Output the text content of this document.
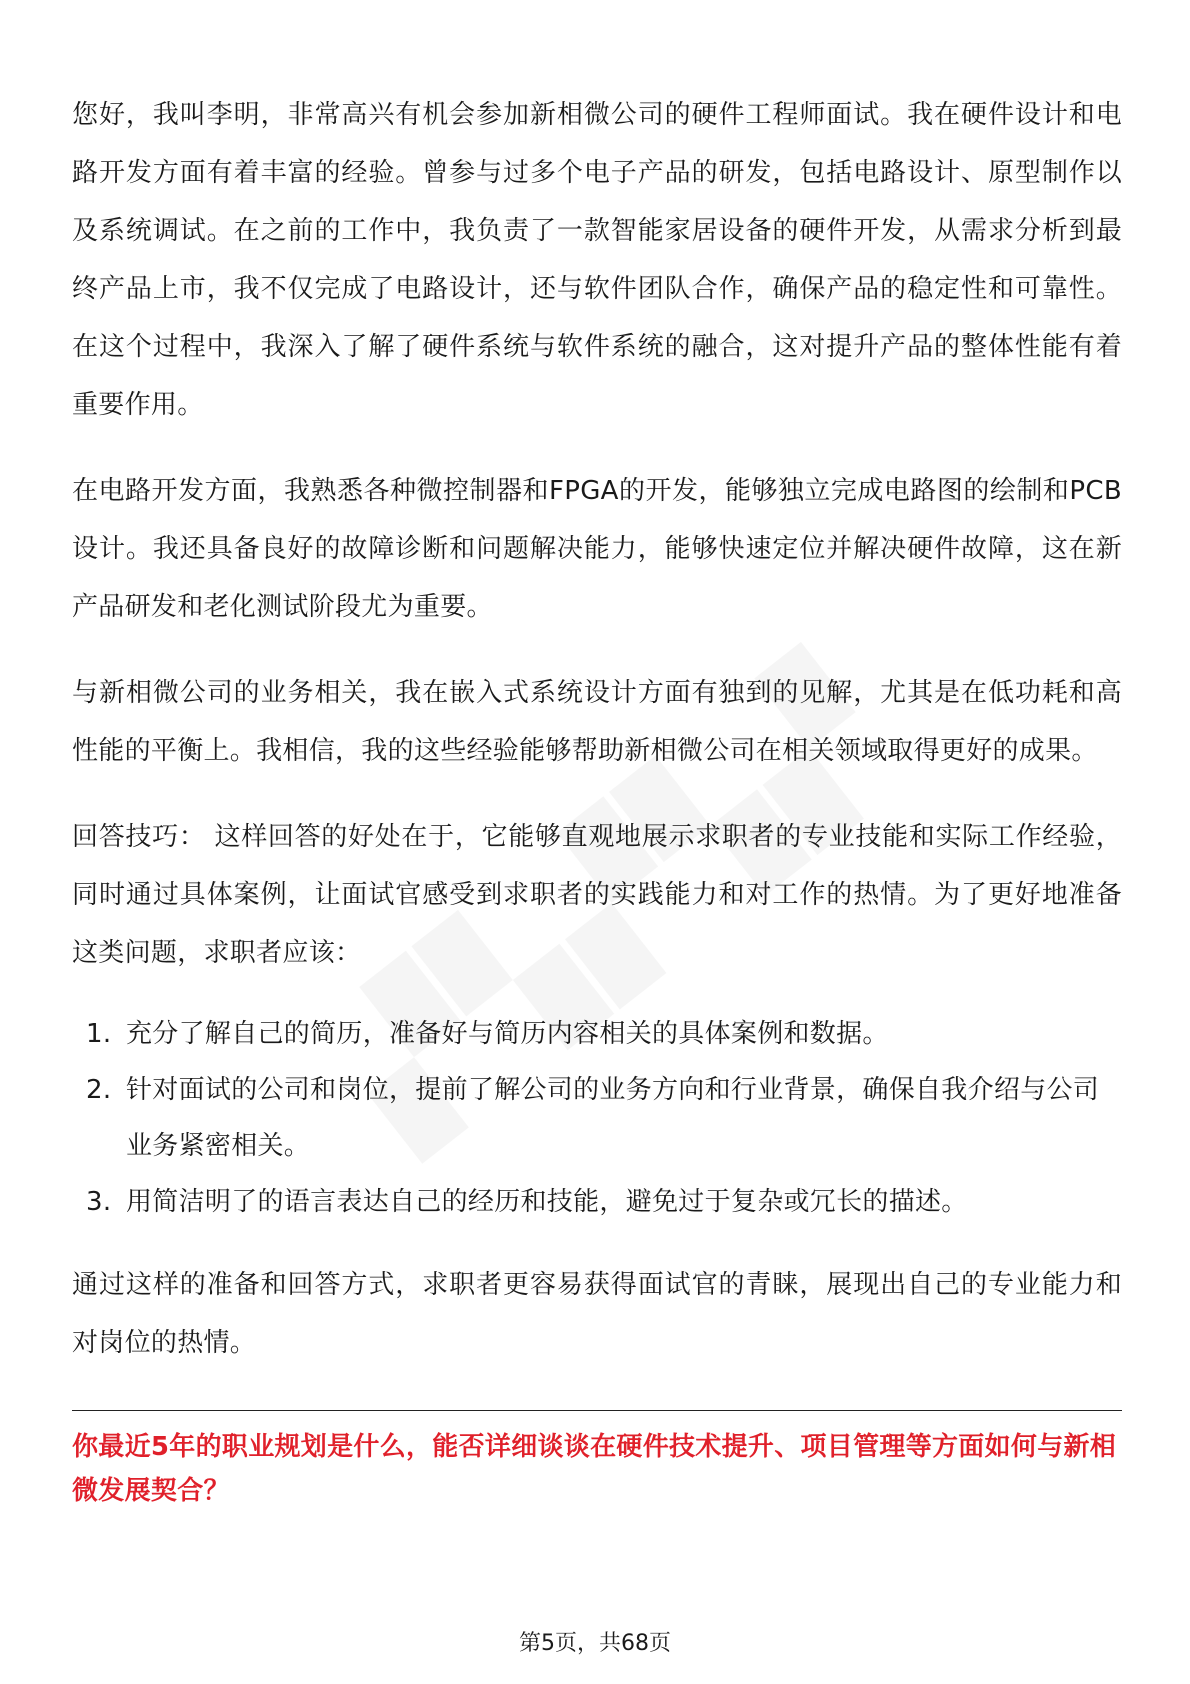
您好，我叫李明，非常高兴有机会参加新相微公司的硬件工程师面试。我在硬件设计和电路开发方面有着丰富的经验。曾参与过多个电子产品的研发，包括电路设计、原型制作以及系统调试。在之前的工作中，我负责了一款智能家居设备的硬件开发，从需求分析到最终产品上市，我不仅完成了电路设计，还与软件团队合作，确保产品的稳定性和可靠性。在这个过程中，我深入了解了硬件系统与软件系统的融合，这对提升产品的整体性能有着重要作用。

在电路开发方面，我熟悉各种微控制器和FPGA的开发，能够独立完成电路图的绘制和PCB设计。我还具备良好的故障诊断和问题解决能力，能够快速定位并解决硬件故障，这在新产品研发和老化测试阶段尤为重要。

与新相微公司的业务相关，我在嵌入式系统设计方面有独到的见解，尤其是在低功耗和高性能的平衡上。我相信，我的这些经验能够帮助新相微公司在相关领域取得更好的成果。

回答技巧： 这样回答的好处在于，它能够直观地展示求职者的专业技能和实际工作经验，同时通过具体案例，让面试官感受到求职者的实践能力和对工作的热情。为了更好地准备这类问题，求职者应该：

1. 充分了解自己的简历，准备好与简历内容相关的具体案例和数据。
2. 针对面试的公司和岗位，提前了解公司的业务方向和行业背景，确保自我介绍与公司业务紧密相关。
3. 用简洁明了的语言表达自己的经历和技能，避免过于复杂或冗长的描述。

通过这样的准备和回答方式，求职者更容易获得面试官的青睐，展现出自己的专业能力和对岗位的热情。

你最近5年的职业规划是什么，能否详细谈谈在硬件技术提升、项目管理等方面如何与新相微发展契合？

第5页，共68页
